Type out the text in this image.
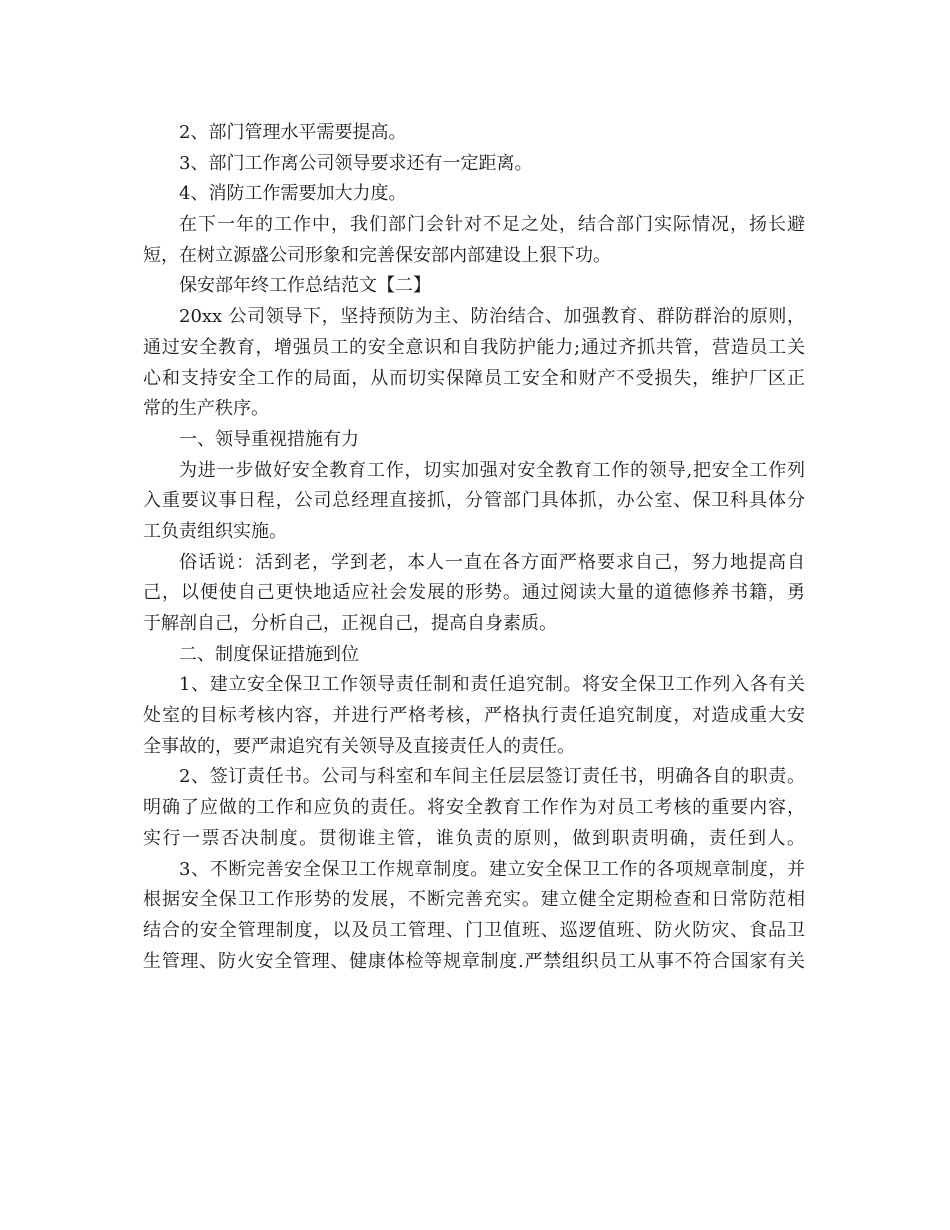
2、部门管理水平需要提高。
3、部门工作离公司领导要求还有一定距离。
4、消防工作需要加大力度。
在下一年的工作中，我们部门会针对不足之处，结合部门实际情况，扬长避
短，在树立源盛公司形象和完善保安部内部建设上狠下功。
保安部年终工作总结范文【二】
20xx 公司领导下，坚持预防为主、防治结合、加强教育、群防群治的原则，
通过安全教育，增强员工的安全意识和自我防护能力;通过齐抓共管，营造员工关
心和支持安全工作的局面，从而切实保障员工安全和财产不受损失，维护厂区正
常的生产秩序。
一、领导重视措施有力
为进一步做好安全教育工作，切实加强对安全教育工作的领导,把安全工作列
入重要议事日程，公司总经理直接抓，分管部门具体抓，办公室、保卫科具体分
工负责组织实施。
俗话说：活到老，学到老，本人一直在各方面严格要求自己，努力地提高自
己，以便使自己更快地适应社会发展的形势。通过阅读大量的道德修养书籍，勇
于解剖自己，分析自己，正视自己，提高自身素质。
二、制度保证措施到位
1、建立安全保卫工作领导责任制和责任追究制。将安全保卫工作列入各有关
处室的目标考核内容，并进行严格考核，严格执行责任追究制度，对造成重大安
全事故的，要严肃追究有关领导及直接责任人的责任。
2、签订责任书。公司与科室和车间主任层层签订责任书，明确各自的职责。
明确了应做的工作和应负的责任。将安全教育工作作为对员工考核的重要内容，
实行一票否决制度。贯彻谁主管，谁负责的原则，做到职责明确，责任到人。
3、不断完善安全保卫工作规章制度。建立安全保卫工作的各项规章制度，并
根据安全保卫工作形势的发展，不断完善充实。建立健全定期检查和日常防范相
结合的安全管理制度，以及员工管理、门卫值班、巡逻值班、防火防灾、食品卫
生管理、防火安全管理、健康体检等规章制度.严禁组织员工从事不符合国家有关
